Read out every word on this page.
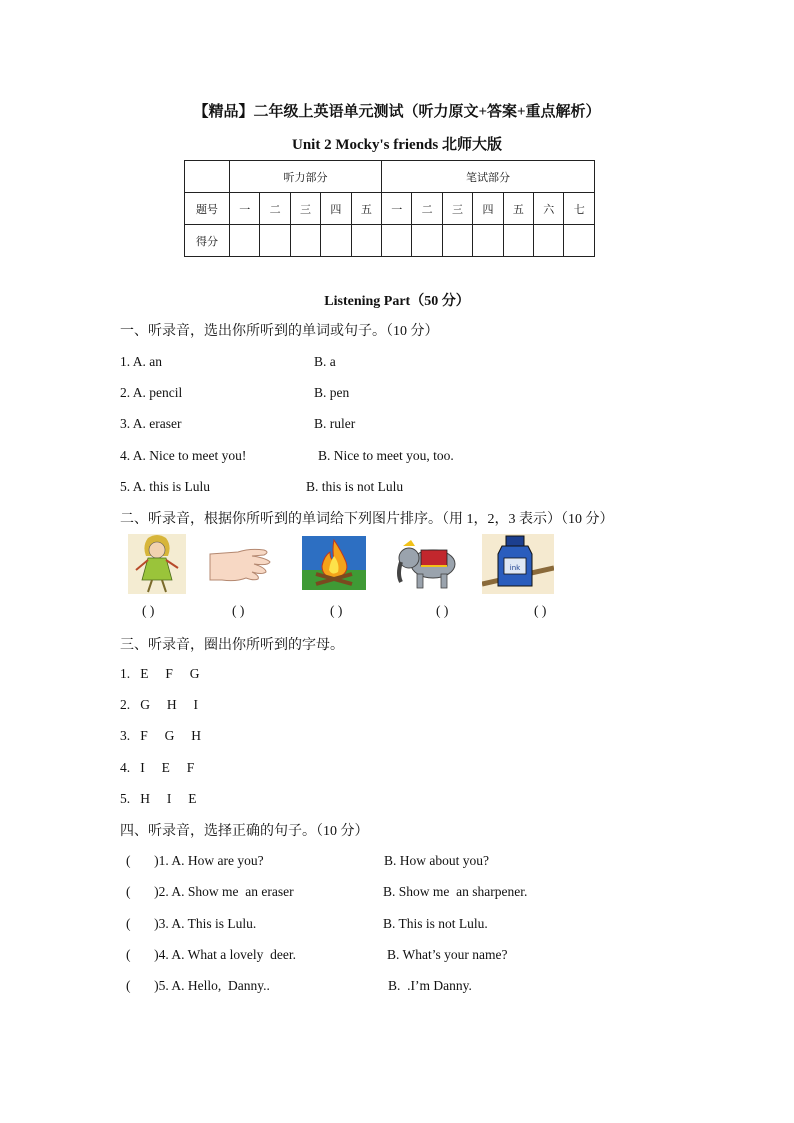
【精品】二年级上英语单元测试（听力原文+答案+重点解析）
Unit 2 Mocky's friends 北师大版
	听力部分					笔试部分						
题号	一	二	三	四	五	一	二	三	四	五	六	七
得分												
Listening Part（50 分）
一、听录音，选出你所听到的单词或句子。（10 分）
1. A. an	B. a
2. A. pencil	B. pen
3. A. eraser	B. ruler
4. A. Nice to meet you!	B. Nice to meet you, too.
5. A. this is Lulu	B. this is not Lulu
二、听录音，根据你所听到的单词给下列图片排序。（用 1，2，3 表示）（10 分）
ink
( )	( )	( )	( )	( )
三、听录音，圈出你所听到的字母。
1.   E     F     G
2.   G     H     I
3.   F     G     H
4.   I     E     F
5.   H     I     E
四、听录音，选择正确的句子。（10 分）
(       )1. A. How are you?	B. How about you?
(       )2. A. Show me  an eraser	B. Show me  an sharpener.
(       )3. A. This is Lulu.	B. This is not Lulu.
(       )4. A. What a lovely  deer.	B. What’s your name?
(       )5. A. Hello,  Danny..	B.  .I’m Danny.
